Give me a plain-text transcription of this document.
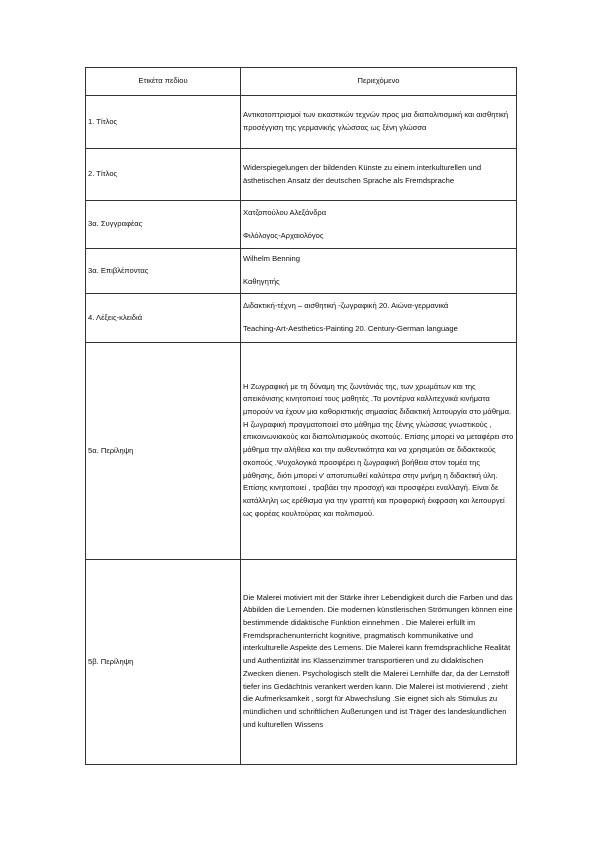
Ετικέτα πεδίου	Περιεχόμενο
1. Τίτλος	Αντικατοπτρισμοί των εικαστικών τεχνών προς μια διαπολιτισμική και αισθητική προσέγγιση της γερμανικής γλώσσας ως ξένη γλώσσα

2. Τίτλος	Widerspiegelungen der bildenden Künste zu einem interkulturellen und ästhetischen Ansatz der deutschen Sprache als Fremdsprache

3α. Συγγραφέας	Χατζοπούλου Αλεξάνδρα

Φιλόλογος-Αρχαιολόγος

3α. Επιβλέποντας	Wilhelm Benning

Καθηγητής

4. Λέξεις-κλειδιά	Διδακτική-τέχνη – αισθητική -ζωγραφική 20. Αιώνα-γερμανικά

Teaching-Art-Aesthetics-Painting 20. Century-German language

5α. Περίληψη	Η Ζωγραφική με τη δύναμη της ζωντάνιάς της, των χρωμάτων και της απεικόνισης κινητοποιεί τους μαθητές .Τα μοντέρνα καλλιτεχνικά κινήματα μπορούν να έχουν μια καθοριστικής σημασίας διδακτική λειτουργία στο μάθημα. Η ζωγραφική πραγματοποιεί στο μάθημα της ξένης γλώσσας γνωστικούς , επικοινωνιακούς και διαπολιτισμικούς σκοπούς. Επίσης μπορεί να μεταφέρει στο μάθημα την αλήθεια και την αυθεντικότητα και να χρησιμεύει σε διδακτικούς σκοπούς .Ψυχολογικά προσφέρει η ζωγραφική βοήθεια στον τομέα της μάθησης, διότι μπορεί ν' αποτυπωθεί καλύτερα στην μνήμη η διδακτική ύλη. Επίσης κινητοποιεί , τραβάει την προσοχή και προσφέρει εναλλαγή. Είναι δε κατάλληλη ως ερέθισμα για την γραπτή και προφορική έκφραση και λειτουργεί ως φορέας κουλτούρας και πολιτισμού.

5β. Περίληψη	Die Malerei motiviert mit der Stärke ihrer Lebendigkeit durch die Farben und das Abbilden die Lernenden. Die modernen künstlerischen Strömungen können eine bestimmende didaktische Funktion einnehmen . Die Malerei erfüllt im Fremdsprachenunterricht kognitive, pragmatisch kommunikative und interkulturelle Aspekte des Lernens. Die Malerei kann fremdsprachliche Realität und Authentizität ins Klassenzimmer transportieren und zu didaktischen Zwecken dienen. Psychologisch stellt die Malerei Lernhilfe dar, da der Lernstoff tiefer ins Gedächtnis verankert werden kann. Die Malerei ist motivierend , zieht die Aufmerksamkeit , sorgt für Abwechslung .Sie eignet sich als Stimulus zu mündlichen und schriftlichen Äußerungen und ist Träger des landeskundlichen und kulturellen Wissens
